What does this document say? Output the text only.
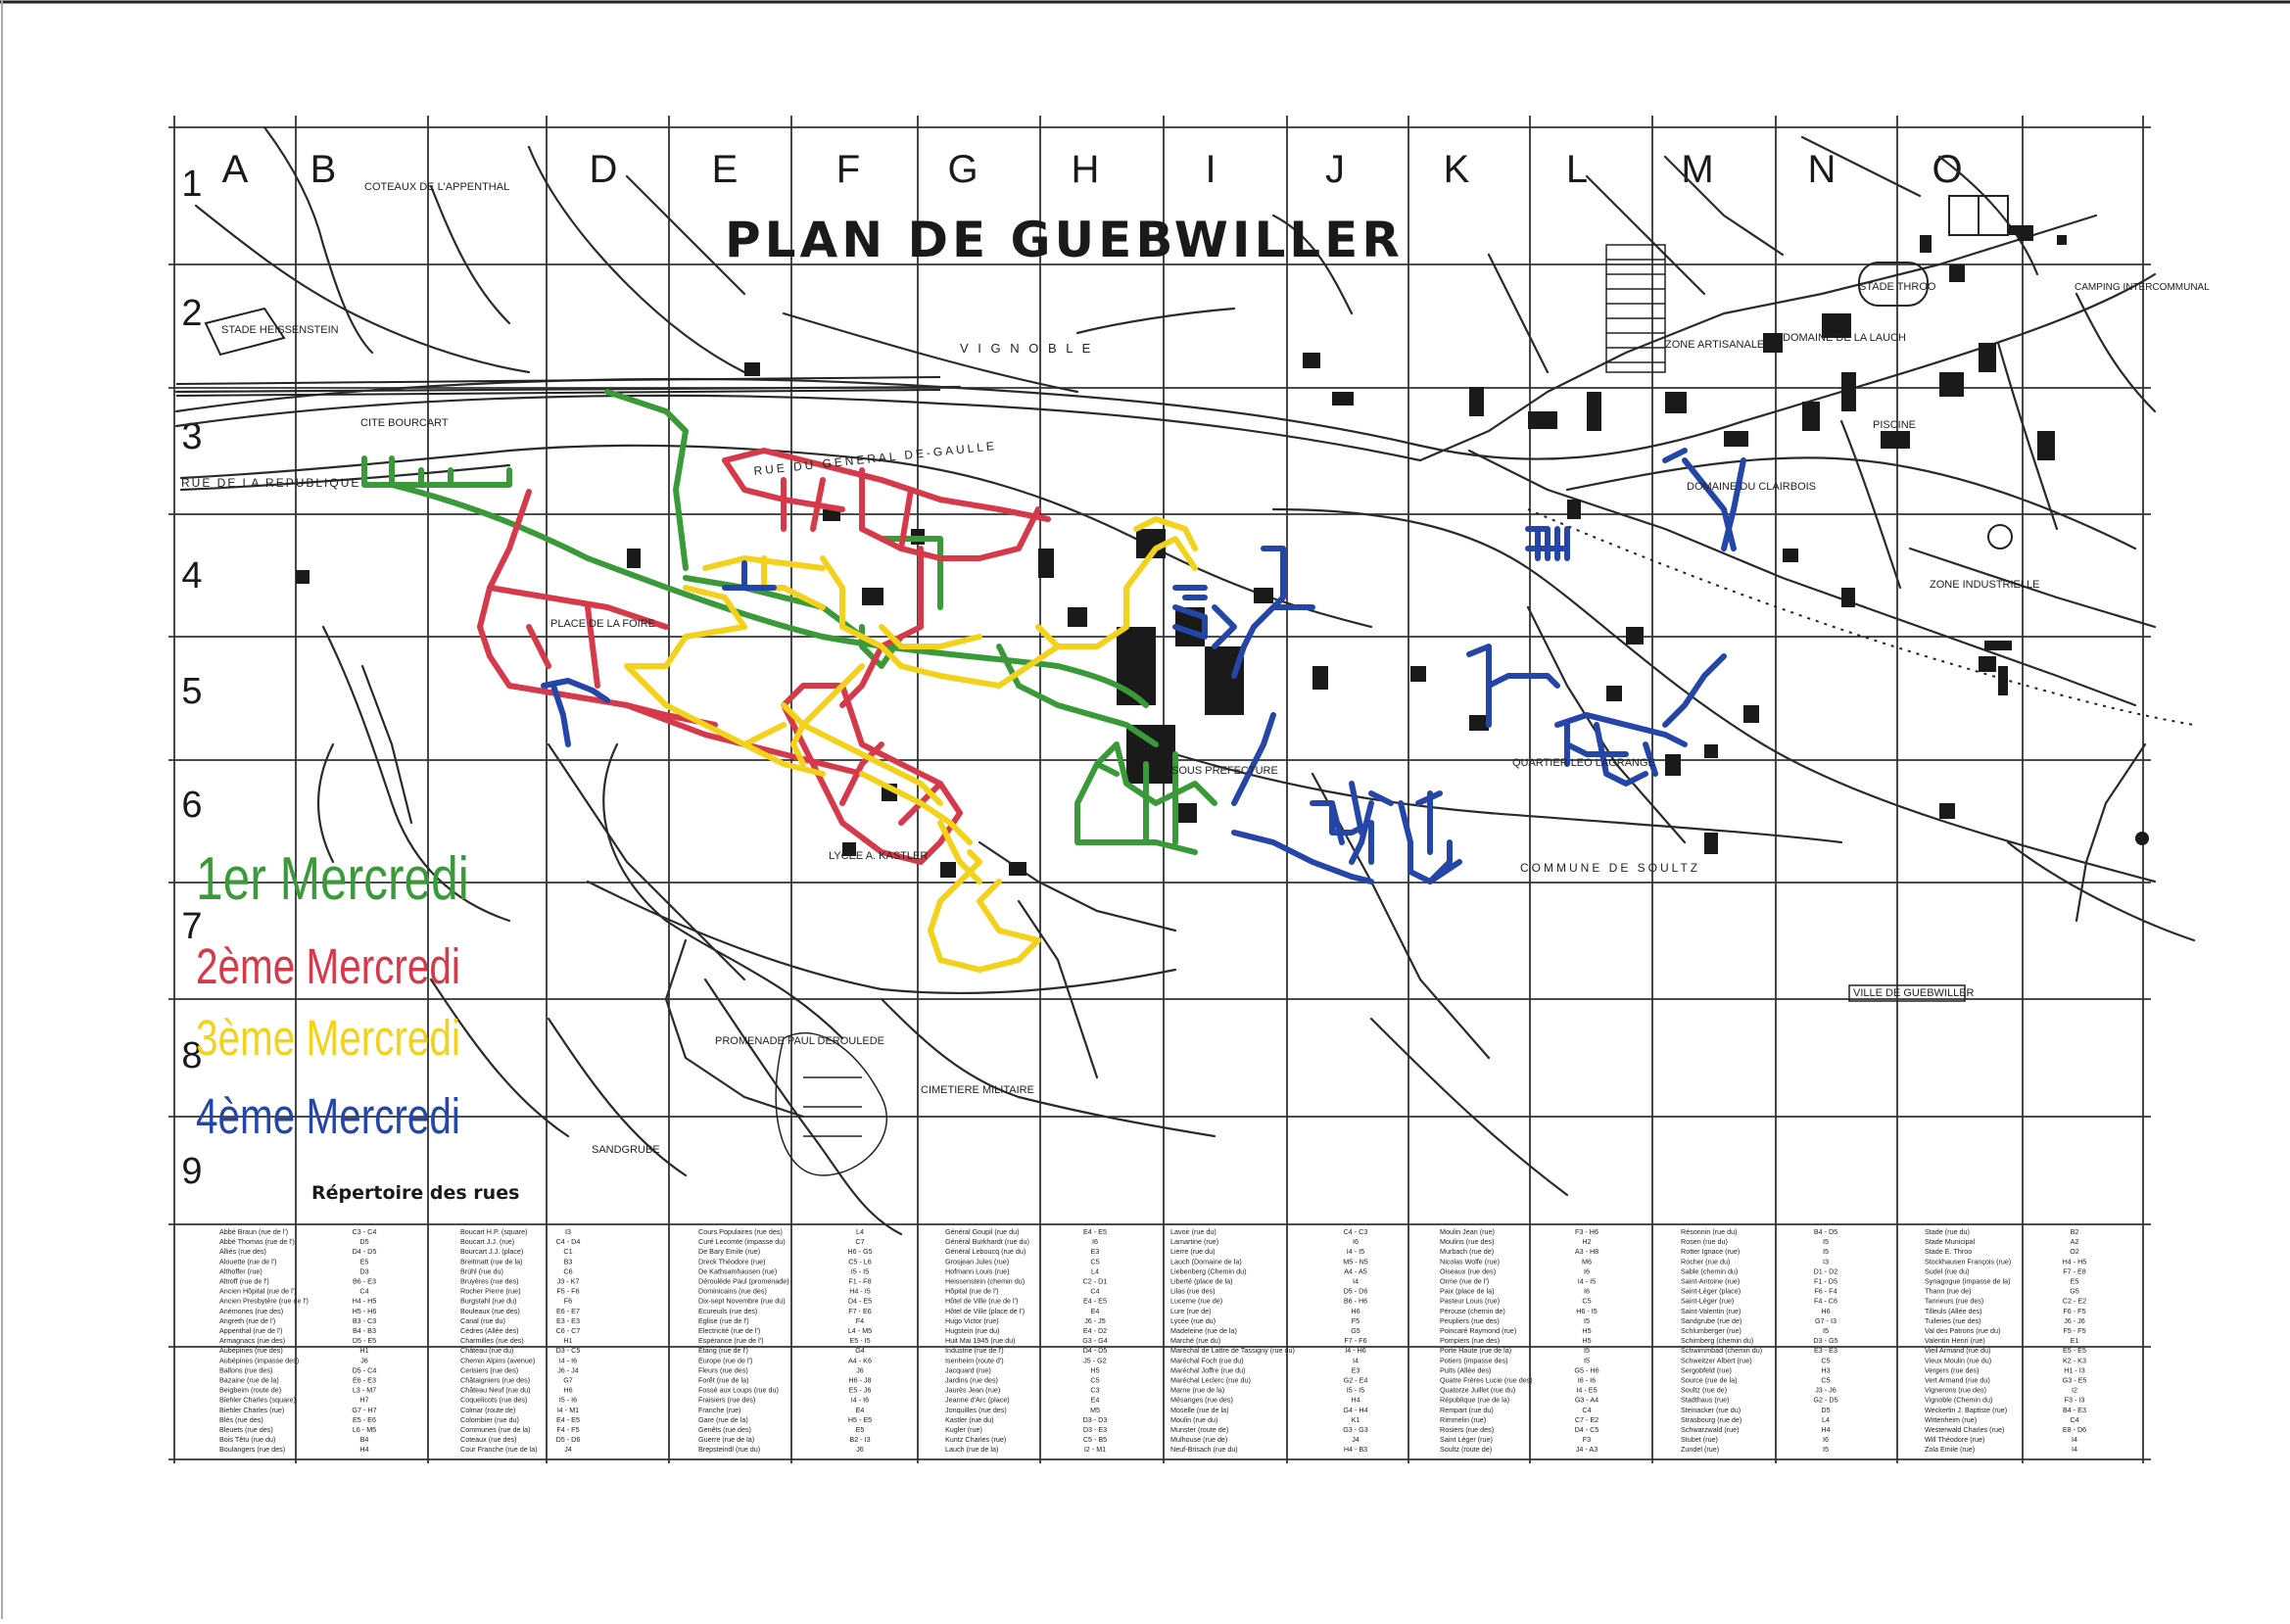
A B	D E	F G H	I	J	K L M N O
1
2
3
4
5
6
7
8
9
PLAN DE GUEBWILLER
COTEAUX DE L'APPENTHAL
STADE HEISSENSTEIN
V I G N O B L E
CITE BOURCART
RUE DE LA REPUBLIQUE
RUE DU GENERAL DE-GAULLE
PLACE DE LA FOIRE
ZONE ARTISANALE
DOMAINE DE LA LAUCH
STADE THROO	CAMPING INTERCOMMUNAL
PISCINE
ZONE INDUSTRIELLE
QUARTIER LEO LAGRANGE
COMMUNE DE SOULTZ
PROMENADE PAUL DEROULEDE
CIMETIERE MILITAIRE
SANDGRUBE
SOUS PREFECTURE
LYCEE A. KASTLER
DOMAINE DU CLAIRBOIS
VILLE DE GUEBWILLER
1er Mercredi
2ème Mercredi
3ème Mercredi
4ème Mercredi
Répertoire des rues
Abbé Braun (rue de l')	C3 - C4
Abbé Thomas (rue de l')	D5
Alliés (rue des)	D4 - D5
Alouette (rue de l')	E5
Althoffer (rue)	D3
Altroff (rue de l')	B6 - E3
Ancien Hôpital (rue de l')	C4
Ancien Presbytère (rue de l')	H4 - H5
Anémones (rue des)	H5 - H6
Angreth (rue de l')	B3 - C3
Appenthal (rue de l')	B4 - B3
Armagnacs (rue des)	D5 - E5
Aubépines (rue des)	H1
Aubépines (impasse des)	J6
Ballons (rue des)	D5 - C4
Bazaine (rue de la)	E6 - E3
Beigbeim (route de)	L3 - M7
Biehler Charles (square)	H7
Biehler Charles (rue)	G7 - H7
Blés (rue des)	E5 - E6
Bleuets (rue des)	L6 - M5
Bois Têtu (rue du)	B4
Boulangers (rue des)	H4
Boucart H.P. (square)	I3
Boucart J.J. (rue)	C4 - D4
Bourcart J.J. (place)	C1
Breitmatt (rue de la)	B3
Brühl (rue du)	C6
Bruyères (rue des)	J3 - K7
Rocher Pierre (rue)	F5 - F6
Burgstahl (rue du)	F6
Bouleaux (rue des)	E6 - E7
Canal (rue du)	E3 - E3
Cèdres (Allée des)	C6 - C7
Charmilles (rue des)	H1
Château (rue du)	D3 - C5
Chemin Alpins (avenue)	I4 - I6
Cerisiers (rue des)	J6 - J4
Châtaigniers (rue des)	G7
Château Neuf (rue du)	H6
Coquelicots (rue des)	I5 - I6
Colmar (route de)	I4 - M1
Colombier (rue du)	E4 - E5
Communes (rue de la)	F4 - F5
Coteaux (rue des)	D5 - D6
Cour Franche (rue de la)	J4
Cours Populaires (rue des)	L4
Curé Lecomte (impasse du)	C7
De Bary Emile (rue)	H6 - G5
Dreck Théodore (rue)	C5 - L6
De Kathsamhausen (rue)	I5 - I5
Déroulède Paul (promenade)	F1 - F8
Dominicains (rue des)	H4 - I5
Dix-sept Novembre (rue du)	D4 - E5
Ecureuils (rue des)	F7 - E6
Eglise (rue de l')	F4
Electricité (rue de l')	L4 - M5
Espérance (rue de l')	E5 - I5
Etang (rue de l')	G4
Europe (rue de l')	A4 - K6
Fleurs (rue des)	J6
Forêt (rue de la)	H6 - J8
Fossé aux Loups (rue du)	E5 - J6
Fraisiers (rue des)	I4 - I6
Franche (rue)	E4
Gare (rue de la)	H5 - E5
Genêts (rue des)	E5
Guerre (rue de la)	B2 - I3
Brepsteindl (rue du)	J6
Général Goupil (rue du)	E4 - E5
Général Burkhardt (rue du)	I6
Général Leboucq (rue du)	E3
Grosjean Jules (rue)	C5
Hofmann Louis (rue)	L4
Heissenstein (chemin du)	C2 - D1
Hôpital (rue de l')	C4
Hôtel de Ville (rue de l')	E4 - E5
Hôtel de Ville (place de l')	E4
Hugo Victor (rue)	J6 - J5
Hugstein (rue du)	E4 - D2
Huit Mai 1945 (rue du)	G3 - G4
Industrie (rue de l')	D4 - D5
Isenheim (route d')	J5 - G2
Jacquard (rue)	H5
Jardins (rue des)	C5
Jaurès Jean (rue)	C3
Jeanne d'Arc (place)	E4
Jonquilles (rue des)	M5
Kastler (rue du)	D3 - D3
Kugler (rue)	D3 - E3
Kuntz Charles (rue)	C5 - B5
Lauch (rue de la)	I2 - M1
Lavoir (rue du)	C4 - C3
Lamartine (rue)	I6
Lierre (rue du)	I4 - I5
Lauch (Domaine de la)	M5 - N5
Liebenberg (Chemin du)	A4 - A5
Liberté (place de la)	I4
Lilas (rue des)	D5 - D6
Lucerne (rue de)	B6 - H6
Lure (rue de)	H6
Lycée (rue du)	F5
Madeleine (rue de la)	G5
Marché (rue du)	F7 - F6
Maréchal de Lattre de Tassigny (rue du)	I4 - H6
Maréchal Foch (rue du)	I4
Maréchal Joffre (rue du)	E3
Maréchal Leclerc (rue du)	G2 - E4
Marne (rue de la)	I5 - I5
Mésanges (rue des)	H4
Moselle (rue de la)	G4 - H4
Moulin (rue du)	K1
Munster (route de)	G3 - G3
Mulhouse (rue de)	J4
Neuf-Brisach (rue du)	H4 - B3
Moulin Jean (rue)	F3 - H6
Moulins (rue des)	H2
Murbach (rue de)	A3 - H8
Nicolas Wolfe (rue)	M6
Oiseaux (rue des)	I6
Orme (rue de l')	I4 - I5
Paix (place de la)	I6
Pasteur Louis (rue)	C5
Pérouse (chemin de)	H6 - I5
Peupliers (rue des)	I5
Poincaré Raymond (rue)	H5
Pompiers (rue des)	H5
Porte Haute (rue de la)	I5
Potiers (impasse des)	I5
Puits (Allée des)	G5 - H6
Quatre Frères Lucie (rue des)	I6 - I6
Quatorze Juillet (rue du)	I4 - E5
République (rue de la)	G3 - A4
Rempart (rue du)	C4
Rimmelin (rue)	C7 - E2
Rosiers (rue des)	D4 - C5
Saint Léger (rue)	F3
Soultz (route de)	J4 - A3
Résonnin (rue du)	B4 - D5
Rosen (rue du)	I5
Rotter Ignace (rue)	I5
Rocher (rue du)	I3
Sable (chemin du)	D1 - D2
Saint-Antoine (rue)	F1 - D5
Saint-Léger (place)	F6 - F4
Saint-Léger (rue)	F4 - C6
Saint-Valentin (rue)	H6
Sandgrube (rue de)	G7 - I3
Schlumberger (rue)	I5
Schimberg (chemin du)	D3 - G5
Schwimmbad (chemin du)	E3 - E3
Schweitzer Albert (rue)	C5
Sergobfeld (rue)	H3
Source (rue de la)	C5
Soultz (rue de)	J3 - J6
Stadthaus (rue)	G2 - D5
Steinacker (rue du)	D5
Strasbourg (rue de)	L4
Schwarzwald (rue)	H4
Stubet (rue)	I6
Zundel (rue)	I5
Stade (rue du)	B2
Stade Municipal	A2
Stade E. Throo	O2
Stockhausen François (rue)	H4 - H5
Sudel (rue du)	F7 - E8
Synagogue (impasse de la)	E5
Thann (rue de)	G5
Tanneurs (rue des)	C2 - E2
Tilleuls (Allée des)	F6 - F5
Tuileries (rue des)	J6 - J6
Val des Patrons (rue du)	F5 - F5
Valentin Henri (rue)	E1
Vieil Armand (rue du)	E5 - E5
Vieux Moulin (rue du)	K2 - K3
Vergers (rue des)	H1 - I3
Vert Armand (rue du)	G3 - E5
Vignerons (rue des)	I2
Vignoble (Chemin du)	F3 - I3
Weckerlin J. Baptiste (rue)	B4 - E3
Wittenheim (rue)	C4
Westerwald Charles (rue)	E8 - D6
Will Théodore (rue)	I4
Zola Emile (rue)	I4
